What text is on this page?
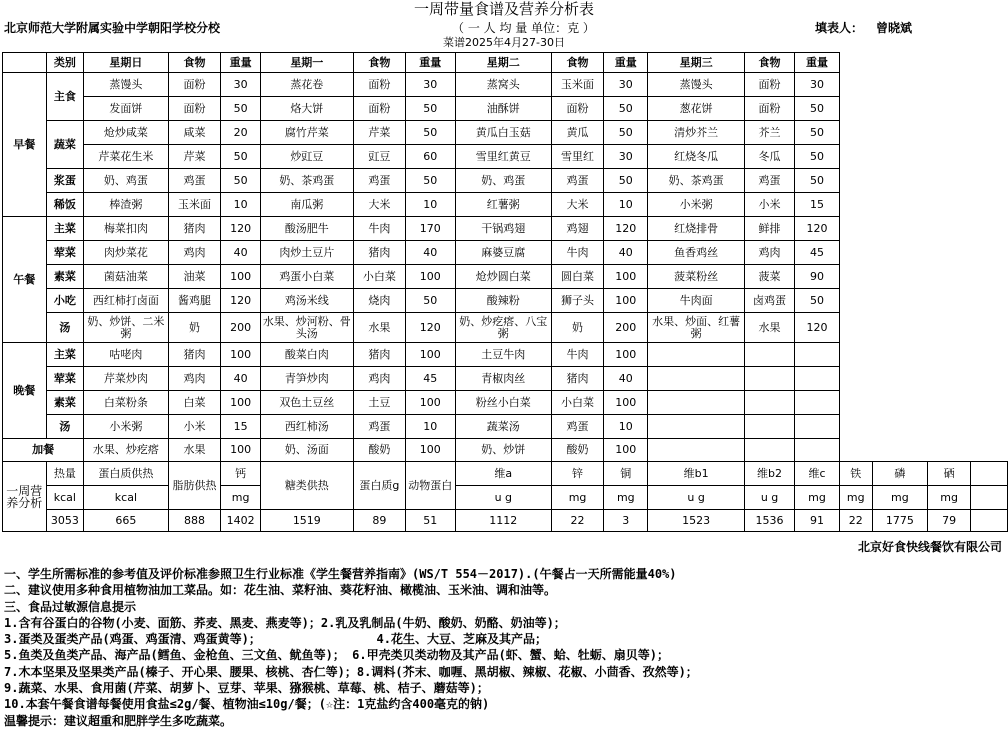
一周带量食谱及营养分析表
北京师范大学附属实验中学朝阳学校分校	（ 一 人 均 量 单位：克 ）	填表人： 曾晓斌
菜谱2025年4月27-30日
	类别	星期日	食物	重量	星期一	食物	重量	星期二	食物	重量	星期三	食物	重量				
早餐	主食	蒸馒头	面粉	30	蒸花卷	面粉	30	蒸窝头	玉米面	30	蒸馒头	面粉	30				
		发面饼	面粉	50	烙大饼	面粉	50	油酥饼	面粉	50	葱花饼	面粉	50				
	蔬菜	炝炒咸菜	咸菜	20	腐竹芹菜	芹菜	50	黄瓜白玉菇	黄瓜	50	清炒芥兰	芥兰	50				
		芹菜花生米	芹菜	50	炒豇豆	豇豆	60	雪里红黄豆	雪里红	30	红烧冬瓜	冬瓜	50				
	浆蛋	奶、鸡蛋	鸡蛋	50	奶、茶鸡蛋	鸡蛋	50	奶、鸡蛋	鸡蛋	50	奶、茶鸡蛋	鸡蛋	50				
	稀饭	棒渣粥	玉米面	10	南瓜粥	大米	10	红薯粥	大米	10	小米粥	小米	15				
午餐	主菜	梅菜扣肉	猪肉	120	酸汤肥牛	牛肉	170	干锅鸡翅	鸡翅	120	红烧排骨	鲜排	120				
	荤菜	肉炒菜花	鸡肉	40	肉炒土豆片	猪肉	40	麻婆豆腐	牛肉	40	鱼香鸡丝	鸡肉	45				
	素菜	菌菇油菜	油菜	100	鸡蛋小白菜	小白菜	100	炝炒圆白菜	圆白菜	100	菠菜粉丝	菠菜	90				
	小吃	西红柿打卤面	酱鸡腿	120	鸡汤米线	烧肉	50	酸辣粉	狮子头	100	牛肉面	卤鸡蛋	50				
	汤	奶、炒饼、二米粥	奶	200	水果、炒河粉、骨头汤	水果	120	奶、炒疙瘩、八宝粥	奶	200	水果、炒面、红薯粥	水果	120				
晚餐	主菜	咕咾肉	猪肉	100	酸菜白肉	猪肉	100	土豆牛肉	牛肉	100							
	荤菜	芹菜炒肉	鸡肉	40	青笋炒肉	鸡肉	45	青椒肉丝	猪肉	40							
	素菜	白菜粉条	白菜	100	双色土豆丝	土豆	100	粉丝小白菜	小白菜	100							
	汤	小米粥	小米	15	西红柿汤	鸡蛋	10	蔬菜汤	鸡蛋	10							
加餐		水果、炒疙瘩	水果	100	奶、汤面	酸奶	100	奶、炒饼	酸奶	100							
一周营养分析	热量	蛋白质供热	脂肪供热	钙	糖类供热	蛋白质g	动物蛋白	维a	锌	铜	维b1	维b2	维c	铁	磷	硒	
	kcal	kcal		mg				u g	mg	mg	u g	u g	mg	mg	mg	mg	
	3053	665	888	1402	1519	89	51	1112	22	3	1523	1536	91	22	1775	79	
北京好食快线餐饮有限公司
一、学生所需标准的参考值及评价标准参照卫生行业标准《学生餐营养指南》(WS/T 554－2017).(午餐占一天所需能量40%)
二、建议使用多种食用植物油加工菜品。如：花生油、菜籽油、葵花籽油、橄榄油、玉米油、调和油等。
三、食品过敏源信息提示
1.含有谷蛋白的谷物(小麦、面筋、荞麦、黑麦、燕麦等)；2.乳及乳制品(牛奶、酸奶、奶酪、奶油等)；
3.蛋类及蛋类产品(鸡蛋、鸡蛋清、鸡蛋黄等)；                4.花生、大豆、芝麻及其产品；
5.鱼类及鱼类产品、海产品(鳕鱼、金枪鱼、三文鱼、鱿鱼等)； 6.甲壳类贝类动物及其产品(虾、蟹、蛤、牡蛎、扇贝等)；
7.木本坚果及坚果类产品(榛子、开心果、腰果、核桃、杏仁等)；8.调料(芥末、咖喱、黑胡椒、辣椒、花椒、小茴香、孜然等)；
9.蔬菜、水果、食用菌(芹菜、胡萝卜、豆芽、苹果、猕猴桃、草莓、桃、桔子、蘑菇等)；
10.本套午餐食谱每餐使用食盐≤2g/餐、植物油≤10g/餐；(☆注：1克盐约含400毫克的钠)
温馨提示：建议超重和肥胖学生多吃蔬菜。
